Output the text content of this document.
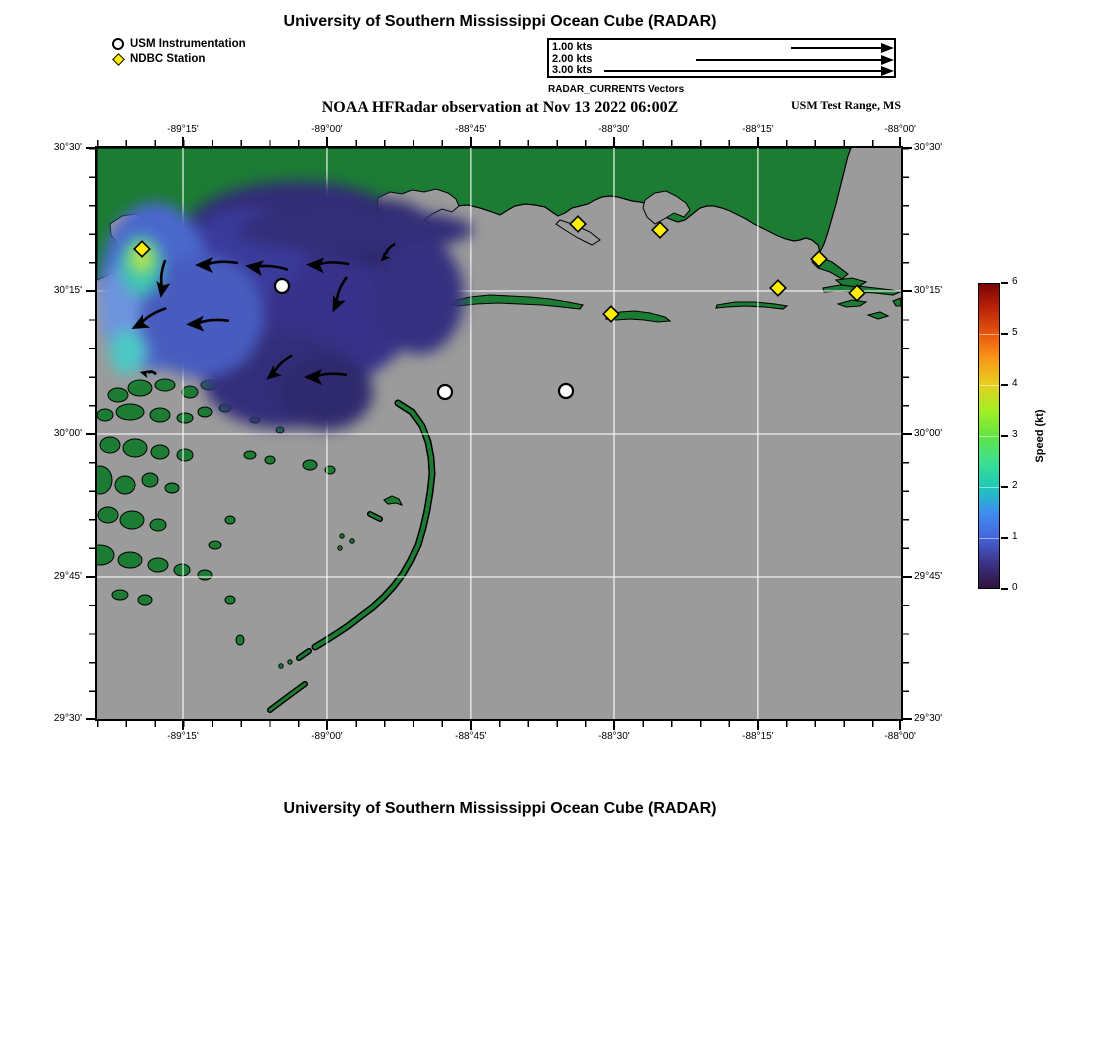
University of Southern Mississippi Ocean Cube (RADAR)
USM Instrumentation
NDBC Station
1.00 kts
2.00 kts
3.00 kts
RADAR_CURRENTS Vectors
NOAA HFRadar observation at Nov 13 2022 06:00Z	USM Test Range, MS
Speed (kt)
University of Southern Mississippi Ocean Cube (RADAR)
-89°15'
-89°15'
-89°00'
-89°00'
-88°45'
-88°45'
-88°30'
-88°30'
-88°15'
-88°15'
-88°00'
-88°00'
30°30'	30°30'
30°15'	30°15'
30°00'	30°00'
29°45'	29°45'
29°30'	29°30'
0
1
2
3
4
5
6
